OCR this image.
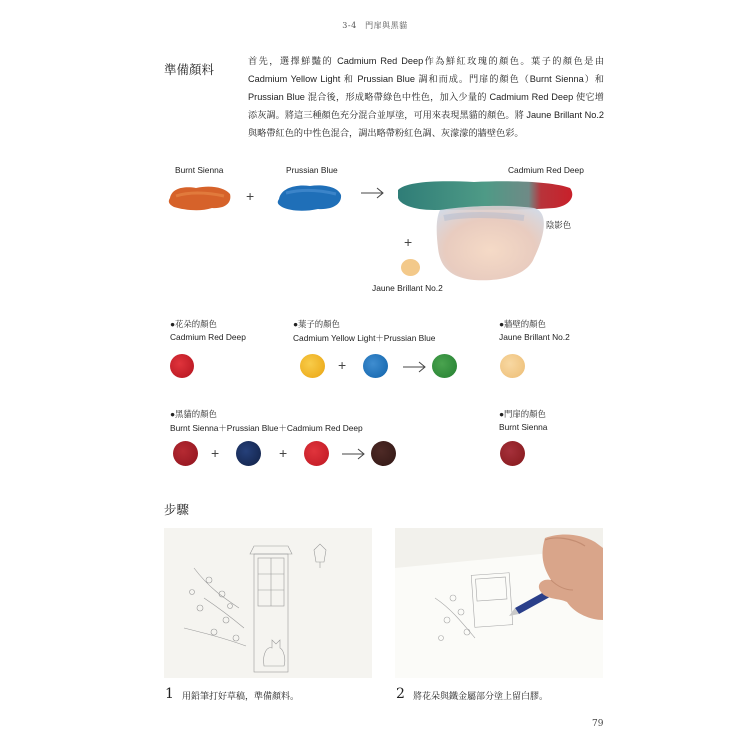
3-4　門扉與黑貓
準備顏料
首先，選擇鮮豔的 Cadmium Red Deep作為鮮紅玫瑰的顏色。葉子的顏色是由 Cadmium Yellow Light 和 Prussian Blue 調和而成。門扉的顏色（Burnt Sienna）和 Prussian Blue 混合後，形成略帶綠色中性色，加入少量的 Cadmium Red Deep 使它增添灰調。將這三種顏色充分混合並厚塗，可用來表現黑貓的顏色。將 Jaune Brillant No.2 與略帶紅色的中性色混合，調出略帶粉紅色調、灰濛濛的牆壁色彩。
Burnt Sienna	Prussian Blue	Cadmium Red Deep
陰影色
Jaune Brillant No.2
+
+
●花朵的顏色
Cadmium Red Deep
●葉子的顏色
Cadmium Yellow Light＋Prussian Blue
+
●牆壁的顏色
Jaune Brillant No.2
●黑貓的顏色
Burnt Sienna＋Prussian Blue＋Cadmium Red Deep
+	+
●門扉的顏色
Burnt Sienna
步驟
1 用鉛筆打好草稿，準備顏料。	2 將花朵與鐵金屬部分塗上留白膠。
79
